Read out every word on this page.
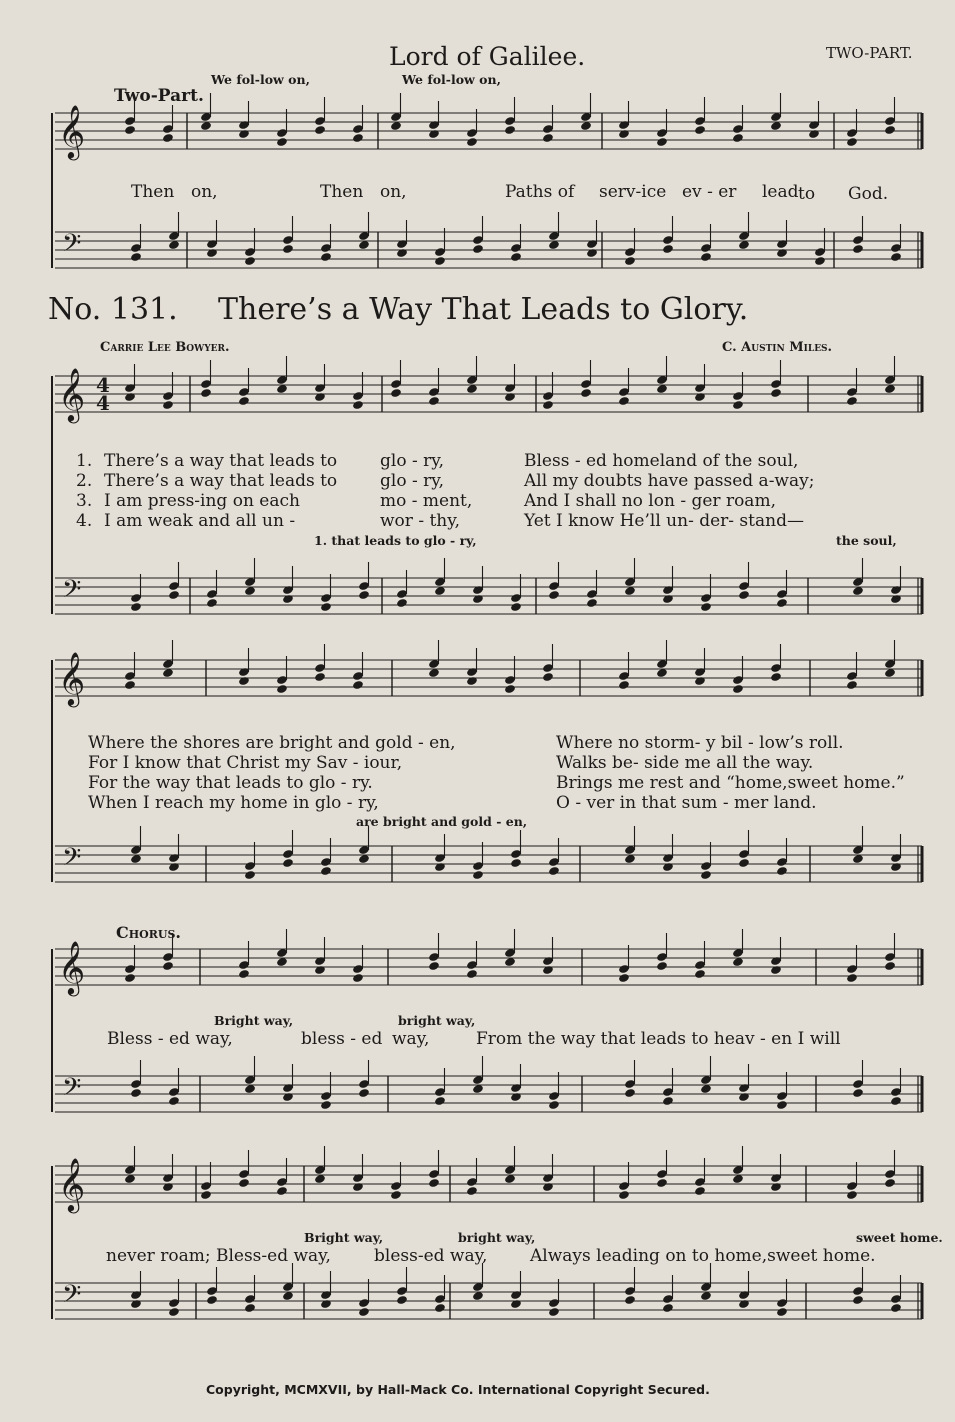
Lord of Galilee.	TWO-PART.
We fol-low on,	We fol-low on,
Two-Part.
𝄞
𝄢
𝄞
𝄢
𝄞
𝄢
𝄞
𝄢
𝄞
𝄢
4
4
Then on,	Then on,	Paths of serv-ice ev - er lead to God.
No. 131. There’s a Way That Leads to Glory.
Carrie Lee Bowyer.	C. Austin Miles.
1. There’s a way that leads to	glo - ry,	Bless - ed homeland of the soul,
2. There’s a way that leads to	glo - ry,	All my doubts have passed a-way;
3. I am press-ing on each	mo - ment,	And I shall no lon - ger roam,
4. I am weak and all un -	wor - thy,	Yet I know He’ll un- der- stand—
1. that leads to glo - ry,	the soul,
Where the shores are bright and gold - en,	Where no storm- y bil - low’s roll.
For I know that Christ my Sav - iour,	Walks be- side me all the way.
For the way that leads to glo - ry.	Brings me rest and “home,sweet home.”
When I reach my home in glo - ry,	O - ver in that sum - mer land.
are bright and gold - en,
Chorus.
Bright way,	bright way,
Bless - ed way,	bless - ed way,	From the way that leads to heav - en I will
Bright way,	bright way,	sweet home.
never roam; Bless-ed way,	bless-ed way,	Always leading on to home,sweet home.
Copyright, MCMXVII, by Hall-Mack Co. International Copyright Secured.
